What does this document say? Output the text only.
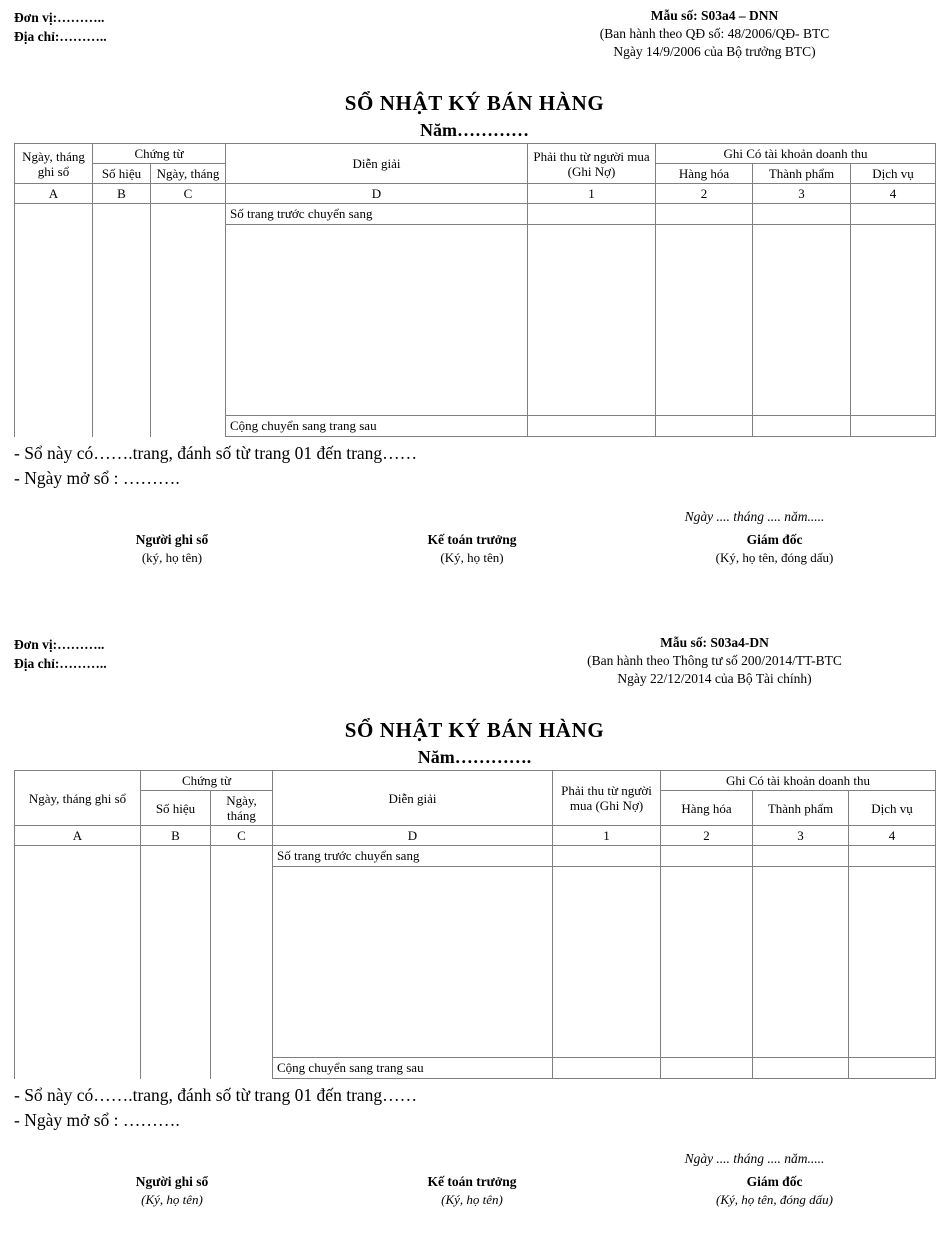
Đơn vị:………..
Địa chỉ:………..
Mẫu số: S03a4 – DNN
(Ban hành theo QĐ số: 48/2006/QĐ- BTC
Ngày 14/9/2006 của Bộ trưởng BTC)
SỔ NHẬT KÝ BÁN HÀNG
Năm…………
Ngày, tháng ghi sổ	Chứng từ		Diễn giải	Phải thu từ người mua (Ghi Nợ)	Ghi Có tài khoản doanh thu		
	Số hiệu	Ngày, tháng			Hàng hóa	Thành phẩm	Dịch vụ
A	B	C	D	1	2	3	4
			Số trang trước chuyển sang				

			Cộng chuyển sang trang sau				
- Sổ này có…….trang, đánh số từ trang 01 đến trang……
- Ngày mở sổ : ……….
Ngày .... tháng .... năm.....
Người ghi sổ
(ký, họ tên)
Kế toán trưởng
(Ký, họ tên)
Giám đốc
(Ký, họ tên, đóng dấu)
Đơn vị:………..
Địa chỉ:………..
Mẫu số: S03a4-DN
(Ban hành theo Thông tư số 200/2014/TT-BTC
Ngày 22/12/2014 của Bộ Tài chính)
SỔ NHẬT KÝ BÁN HÀNG
Năm………….
Ngày, tháng ghi sổ	Chứng từ		Diễn giải	Phải thu từ người mua (Ghi Nợ)	Ghi Có tài khoản doanh thu		
	Số hiệu	Ngày, tháng			Hàng hóa	Thành phẩm	Dịch vụ
A	B	C	D	1	2	3	4
			Số trang trước chuyển sang				

			Cộng chuyển sang trang sau				
- Sổ này có…….trang, đánh số từ trang 01 đến trang……
- Ngày mở sổ : ……….
Ngày .... tháng .... năm.....
Người ghi sổ
(Ký, họ tên)
Kế toán trưởng
(Ký, họ tên)
Giám đốc
(Ký, họ tên, đóng dấu)
